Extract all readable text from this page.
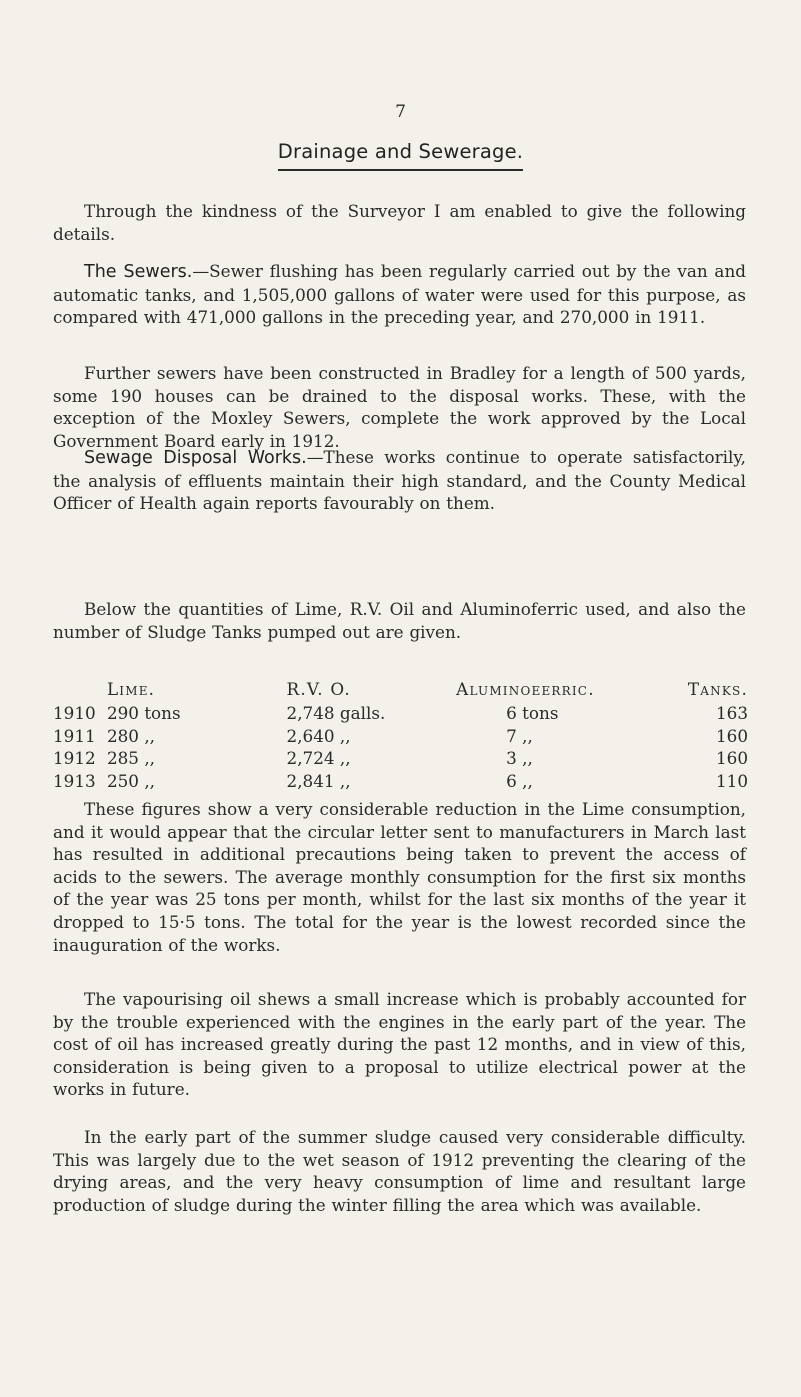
7
Drainage and Sewerage.

Through the kindness of the Surveyor I am enabled to give the following details.

The Sewers.—Sewer flushing has been regularly carried out by the van and automatic tanks, and 1,505,000 gallons of water were used for this purpose, as compared with 471,000 gallons in the preceding year, and 270,000 in 1911.

Further sewers have been constructed in Bradley for a length of 500 yards, some 190 houses can be drained to the disposal works. These, with the exception of the Moxley Sewers, complete the work approved by the Local Government Board early in 1912.

Sewage Disposal Works.—These works continue to operate satisfactorily, the analysis of effluents maintain their high standard, and the County Medical Officer of Health again reports favourably on them.

Below the quantities of Lime, R.V. Oil and Aluminoferric used, and also the number of Sludge Tanks pumped out are given.

	Lime.	R.V. O.	Aluminoeerric.	Tanks.
1910	290 tons	2,748 galls.	6 tons	163
1911	280 ,,	2,640 ,,	7 ,,	160
1912	285 ,,	2,724 ,,	3 ,,	160
1913	250 ,,	2,841 ,,	6 ,,	110

These figures show a very considerable reduction in the Lime consumption, and it would appear that the circular letter sent to manufacturers in March last has resulted in additional precautions being taken to prevent the access of acids to the sewers. The average monthly consumption for the first six months of the year was 25 tons per month, whilst for the last six months of the year it dropped to 15·5 tons. The total for the year is the lowest recorded since the inauguration of the works.

The vapourising oil shews a small increase which is probably accounted for by the trouble experienced with the engines in the early part of the year. The cost of oil has increased greatly during the past 12 months, and in view of this, consideration is being given to a proposal to utilize electrical power at the works in future.

In the early part of the summer sludge caused very considerable difficulty. This was largely due to the wet season of 1912 preventing the clearing of the drying areas, and the very heavy consumption of lime and resultant large production of sludge during the winter filling the area which was available.
